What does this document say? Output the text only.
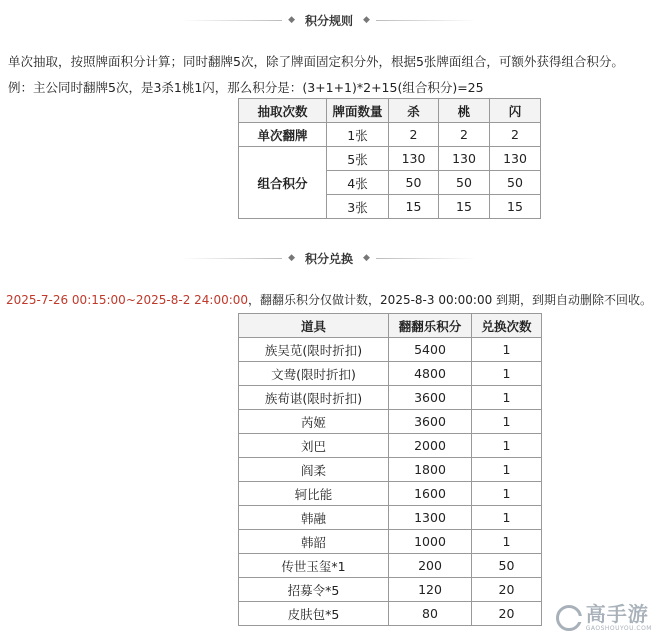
◆ 积分规则	◆
单次抽取，按照牌面积分计算；同时翻牌5次，除了牌面固定积分外，根据5张牌面组合，可额外获得组合积分。
例：主公同时翻牌5次，是3杀1桃1闪，那么积分是：(3+1+1)*2+15(组合积分)=25
抽取次数	牌面数量	杀	桃	闪
单次翻牌	1张	2	2	2
组合积分	5张	130	130	130
	4张	50	50	50
	3张	15	15	15
◆ 积分兑换	◆
2025-7-26 00:15:00~2025-8-2 24:00:00，翻翻乐积分仅做计数，2025-8-3 00:00:00 到期，到期自动删除不回收。
道具	翻翻乐积分	兑换次数
族吴苋(限时折扣)	5400	1
文鸯(限时折扣)	4800	1
族荀谌(限时折扣)	3600	1
芮姬	3600	1
刘巴	2000	1
阎柔	1800	1
轲比能	1600	1
韩融	1300	1
韩韶	1000	1
传世玉玺*1	200	50
招募令*5	120	20
皮肤包*5	80	20	高手游
GAOSHOUYOU.COM
